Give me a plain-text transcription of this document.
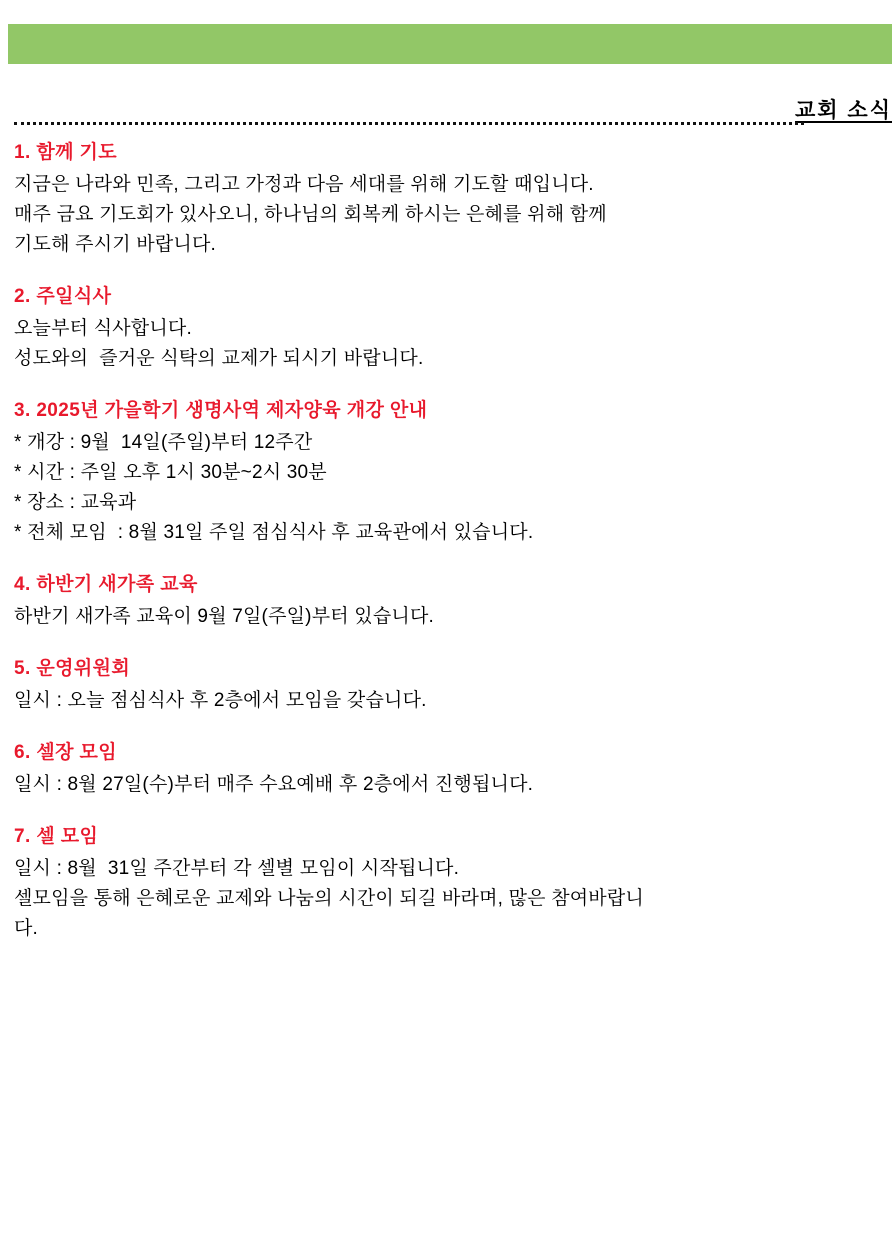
교회 소식

1. 함께 기도

지금은 나라와 민족, 그리고 가정과 다음 세대를 위해 기도할 때입니다.

매주 금요 기도회가 있사오니, 하나님의 회복케 하시는 은혜를 위해 함께

기도해 주시기 바랍니다.

2. 주일식사

오늘부터 식사합니다.

성도와의  즐거운 식탁의 교제가 되시기 바랍니다.

3. 2025년 가을학기 생명사역 제자양육 개강 안내

* 개강 : 9월  14일(주일)부터 12주간

* 시간 : 주일 오후 1시 30분~2시 30분

* 장소 : 교육과

* 전체 모임  : 8월 31일 주일 점심식사 후 교육관에서 있습니다.

4. 하반기 새가족 교육

하반기 새가족 교육이 9월 7일(주일)부터 있습니다.

5. 운영위원회

일시 : 오늘 점심식사 후 2층에서 모임을 갖습니다.

6. 셀장 모임

일시 : 8월 27일(수)부터 매주 수요예배 후 2층에서 진행됩니다.

7. 셀 모임

일시 : 8월  31일 주간부터 각 셀별 모임이 시작됩니다.

셀모임을 통해 은혜로운 교제와 나눔의 시간이 되길 바라며, 많은 참여바랍니

다.
